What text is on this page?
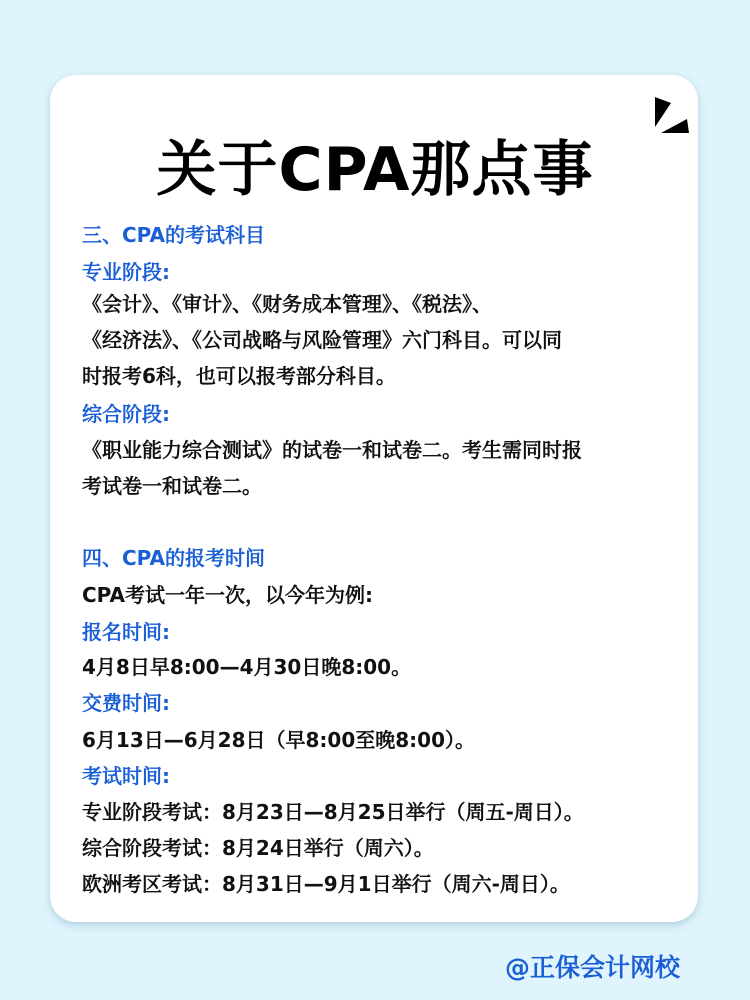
关于CPA那点事
三、CPA的考试科目
专业阶段:
《会计》、《审计》、《财务成本管理》、《税法》、
《经济法》、《公司战略与风险管理》六门科目。可以同
时报考6科，也可以报考部分科目。
综合阶段:
《职业能力综合测试》的试卷一和试卷二。考生需同时报
考试卷一和试卷二。
四、CPA的报考时间
CPA考试一年一次，以今年为例:
报名时间:
4月8日早8:00—4月30日晚8:00。
交费时间:
6月13日—6月28日（早8:00至晚8:00）。
考试时间:
专业阶段考试：8月23日—8月25日举行（周五-周日）。
综合阶段考试：8月24日举行（周六）。
欧洲考区考试：8月31日—9月1日举行（周六-周日）。
@正保会计网校
